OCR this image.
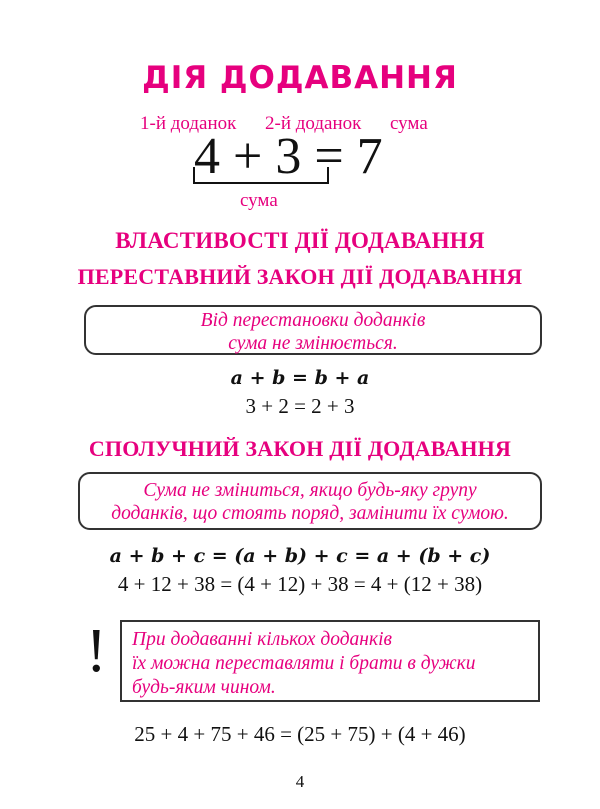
ДІЯ ДОДАВАННЯ
1-й доданок 2-й доданок сума
4 + 3 = 7
сума
ВЛАСТИВОСТІ ДІЇ ДОДАВАННЯ
ПЕРЕСТАВНИЙ ЗАКОН ДІЇ ДОДАВАННЯ
Від перестановки доданків
сума не змінюється.
a + b = b + a
3 + 2 = 2 + 3
СПОЛУЧНИЙ ЗАКОН ДІЇ ДОДАВАННЯ
Сума не зміниться, якщо будь-яку групу
доданків, що стоять поряд, замінити їх сумою.
a + b + c = (a + b) + c = a + (b + c)
4 + 12 + 38 = (4 + 12) + 38 = 4 + (12 + 38)
! При додаванні кількох доданків
їх можна переставляти і брати в дужки
будь-яким чином.
25 + 4 + 75 + 46 = (25 + 75) + (4 + 46)
4
